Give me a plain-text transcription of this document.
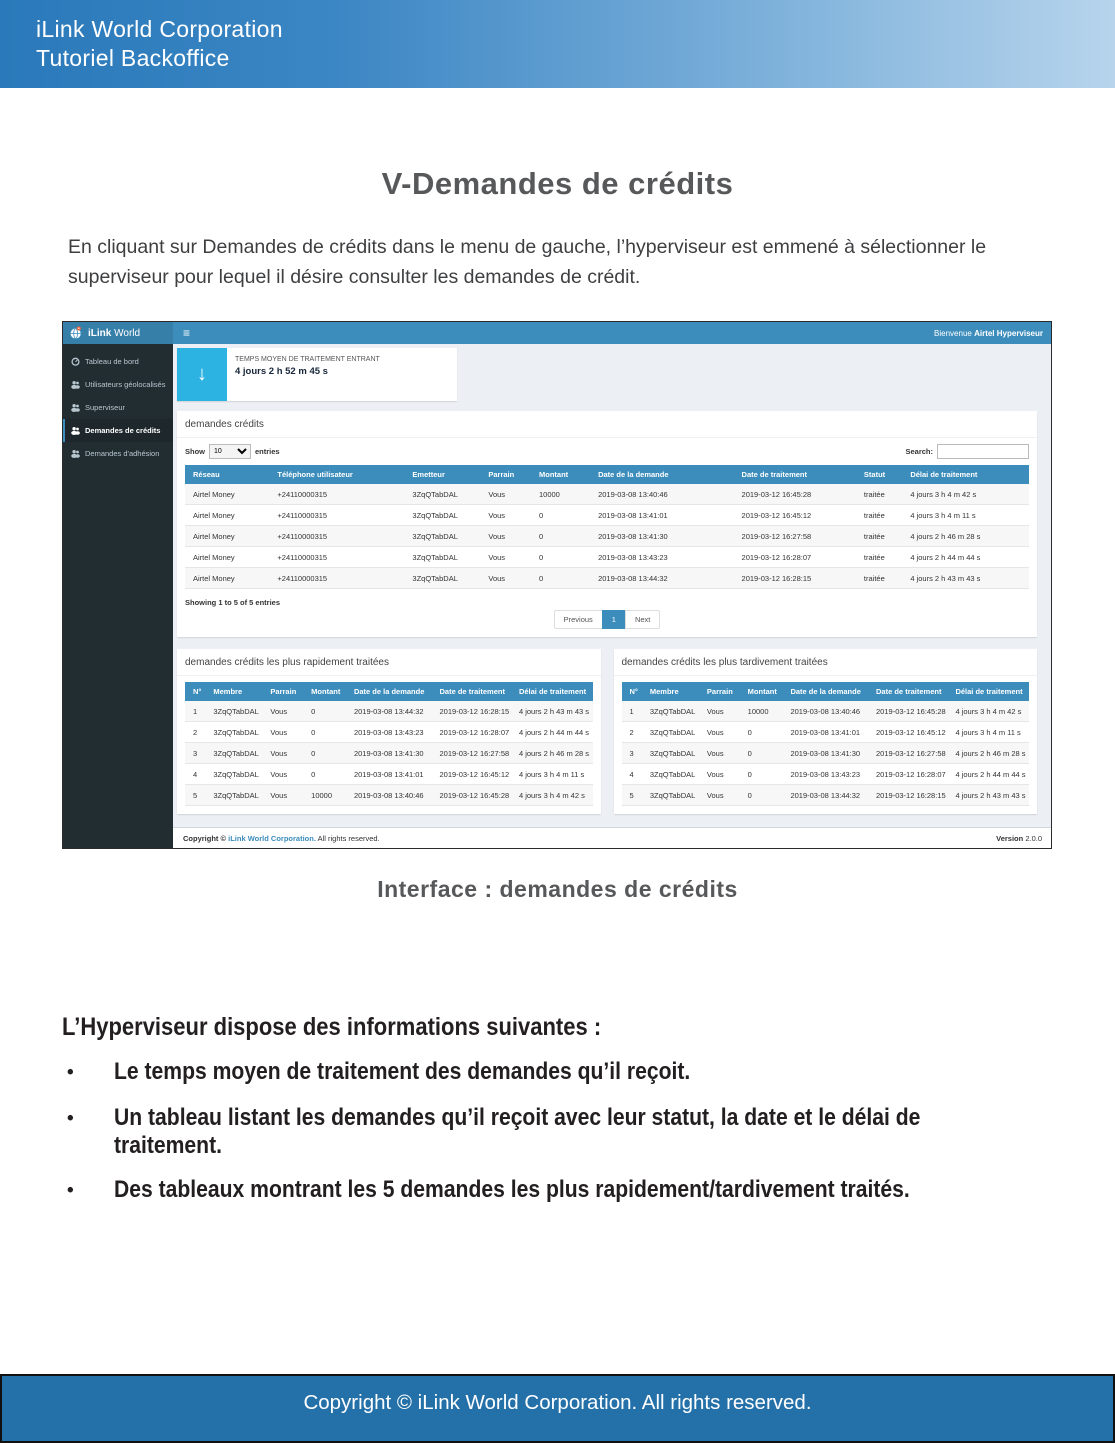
iLink World Corporation
Tutoriel Backoffice
V-Demandes de crédits

En cliquant sur Demandes de crédits dans le menu de gauche, l’hyperviseur est emmené à sélectionner le superviseur pour lequel il désire consulter les demandes de crédit.

iLink World	≡	Bienvenue Airtel Hyperviseur
Tableau de bord
Utilisateurs géolocalisés
Superviseur
Demandes de crédits
Demandes d'adhésion
↓
TEMPS MOYEN DE TRAITEMENT ENTRANT
4 jours 2 h 52 m 45 s
demandes crédits
Show
10	entries	Search:
Réseau	Téléphone utilisateur	Emetteur	Parrain	Montant	Date de la demande	Date de traitement	Statut	Délai de traitement
Airtel Money	+24110000315	3ZqQTabDAL	Vous	10000	2019-03-08 13:40:46	2019-03-12 16:45:28	traitée	4 jours 3 h 4 m 42 s
Airtel Money	+24110000315	3ZqQTabDAL	Vous	0	2019-03-08 13:41:01	2019-03-12 16:45:12	traitée	4 jours 3 h 4 m 11 s
Airtel Money	+24110000315	3ZqQTabDAL	Vous	0	2019-03-08 13:41:30	2019-03-12 16:27:58	traitée	4 jours 2 h 46 m 28 s
Airtel Money	+24110000315	3ZqQTabDAL	Vous	0	2019-03-08 13:43:23	2019-03-12 16:28:07	traitée	4 jours 2 h 44 m 44 s
Airtel Money	+24110000315	3ZqQTabDAL	Vous	0	2019-03-08 13:44:32	2019-03-12 16:28:15	traitée	4 jours 2 h 43 m 43 s
Showing 1 to 5 of 5 entries
Previous	1	Next
demandes crédits les plus rapidement traitées
N°	Membre	Parrain	Montant	Date de la demande	Date de traitement	Délai de traitement
1	3ZqQTabDAL	Vous	0	2019-03-08 13:44:32	2019-03-12 16:28:15	4 jours 2 h 43 m 43 s
2	3ZqQTabDAL	Vous	0	2019-03-08 13:43:23	2019-03-12 16:28:07	4 jours 2 h 44 m 44 s
3	3ZqQTabDAL	Vous	0	2019-03-08 13:41:30	2019-03-12 16:27:58	4 jours 2 h 46 m 28 s
4	3ZqQTabDAL	Vous	0	2019-03-08 13:41:01	2019-03-12 16:45:12	4 jours 3 h 4 m 11 s
5	3ZqQTabDAL	Vous	10000	2019-03-08 13:40:46	2019-03-12 16:45:28	4 jours 3 h 4 m 42 s
demandes crédits les plus tardivement traitées
N°	Membre	Parrain	Montant	Date de la demande	Date de traitement	Délai de traitement
1	3ZqQTabDAL	Vous	10000	2019-03-08 13:40:46	2019-03-12 16:45:28	4 jours 3 h 4 m 42 s
2	3ZqQTabDAL	Vous	0	2019-03-08 13:41:01	2019-03-12 16:45:12	4 jours 3 h 4 m 11 s
3	3ZqQTabDAL	Vous	0	2019-03-08 13:41:30	2019-03-12 16:27:58	4 jours 2 h 46 m 28 s
4	3ZqQTabDAL	Vous	0	2019-03-08 13:43:23	2019-03-12 16:28:07	4 jours 2 h 44 m 44 s
5	3ZqQTabDAL	Vous	0	2019-03-08 13:44:32	2019-03-12 16:28:15	4 jours 2 h 43 m 43 s
Copyright © iLink World Corporation. All rights reserved.	Version 2.0.0
Interface : demandes de crédits
L’Hyperviseur dispose des informations suivantes :
•	Le temps moyen de traitement des demandes qu’il reçoit.
•	Un tableau listant les demandes qu’il reçoit avec leur statut, la date et le délai de traitement.
•	Des tableaux montrant les 5 demandes les plus rapidement/tardivement traités.
Copyright © iLink World Corporation. All rights reserved.
